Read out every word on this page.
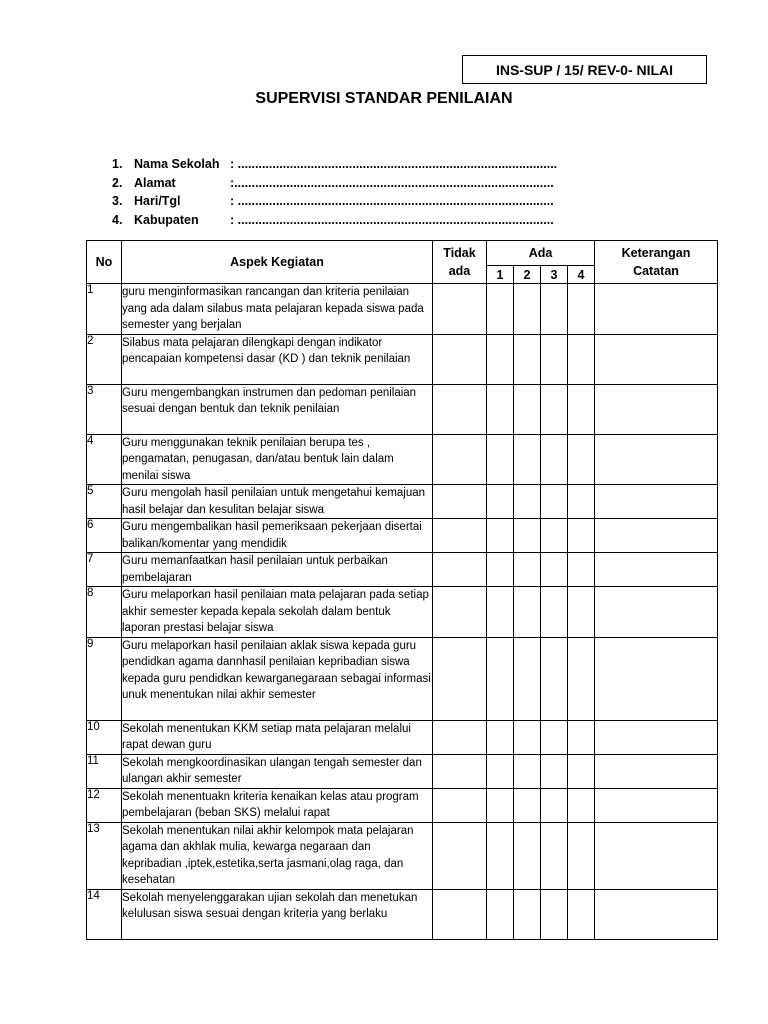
INS-SUP / 15/ REV-0- NILAI
SUPERVISI STANDAR PENILAIAN
1. Nama Sekolah : ............................................................................................
2. Alamat	:............................................................................................
3. Hari/Tgl	: ...........................................................................................
4. Kabupaten	: ...........................................................................................
No	Aspek Kegiatan	Tidak
ada	Ada				Keterangan
Catatan
			1	2	3	4	
1	guru menginformasikan rancangan dan kriteria penilaian yang ada dalam silabus mata pelajaran kepada siswa pada semester yang berjalan						
2	Silabus mata pelajaran dilengkapi dengan indikator pencapaian kompetensi dasar (KD ) dan teknik penilaian						
3	Guru mengembangkan instrumen dan pedoman penilaian sesuai dengan bentuk dan teknik penilaian						
4	Guru menggunakan teknik penilaian berupa tes , pengamatan, penugasan, dan/atau bentuk lain dalam menilai siswa						
5	Guru mengolah hasil penilaian untuk mengetahui kemajuan hasil belajar dan kesulitan belajar siswa						
6	Guru mengembalikan hasil pemeriksaan pekerjaan disertai balikan/komentar yang mendidik						
7	Guru memanfaatkan hasil penilaian untuk perbaikan pembelajaran						
8	Guru melaporkan hasil penilaian mata pelajaran pada setiap akhir semester kepada kepala sekolah dalam bentuk laporan prestasi belajar siswa						
9	Guru melaporkan hasil penilaian aklak siswa kepada guru pendidkan agama dannhasil penilaian kepribadian siswa kepada guru pendidkan kewarganegaraan sebagai informasi unuk menentukan nilai akhir semester						
10	Sekolah menentukan KKM setiap mata pelajaran melalui rapat dewan guru						
11	Sekolah mengkoordinasikan ulangan tengah semester dan ulangan akhir semester						
12	Sekolah menentuakn kriteria kenaikan kelas atau program pembelajaran (beban SKS) melalui rapat						
13	Sekolah menentukan nilai akhir kelompok mata pelajaran agama dan akhlak mulia, kewarga negaraan dan kepribadian ,iptek,estetika,serta jasmani,olag raga, dan kesehatan						
14	Sekolah menyelenggarakan ujian sekolah dan menetukan kelulusan siswa sesuai dengan kriteria yang berlaku						
